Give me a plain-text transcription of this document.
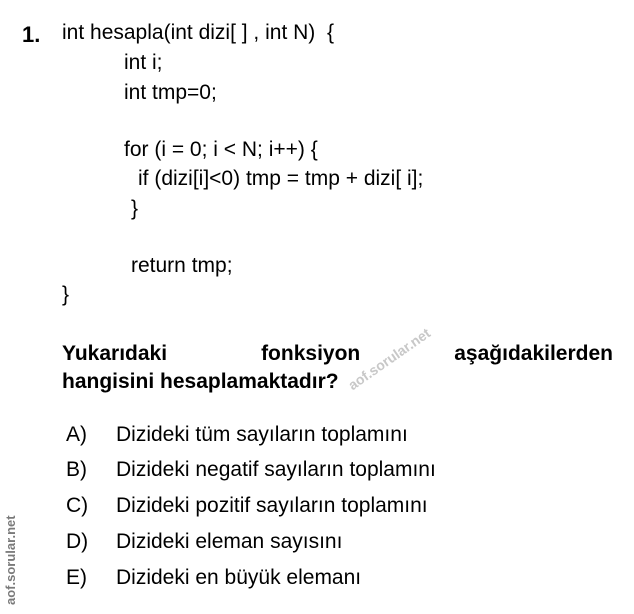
1. int hesapla(int dizi[ ] , int N)  {
int i;
int tmp=0;
for (i = 0; i < N; i++) {
if (dizi[i]<0) tmp = tmp + dizi[ i];
}
return tmp;
}
Yukarıdaki	fonksiyon	aşağıdakilerden
hangisini hesaplamaktadır?
A) Dizideki tüm sayıların toplamını
B) Dizideki negatif sayıların toplamını
C) Dizideki pozitif sayıların toplamını
D) Dizideki eleman sayısını
E) Dizideki en büyük elemanı
aof.sorular.net
aof.sorular.net
